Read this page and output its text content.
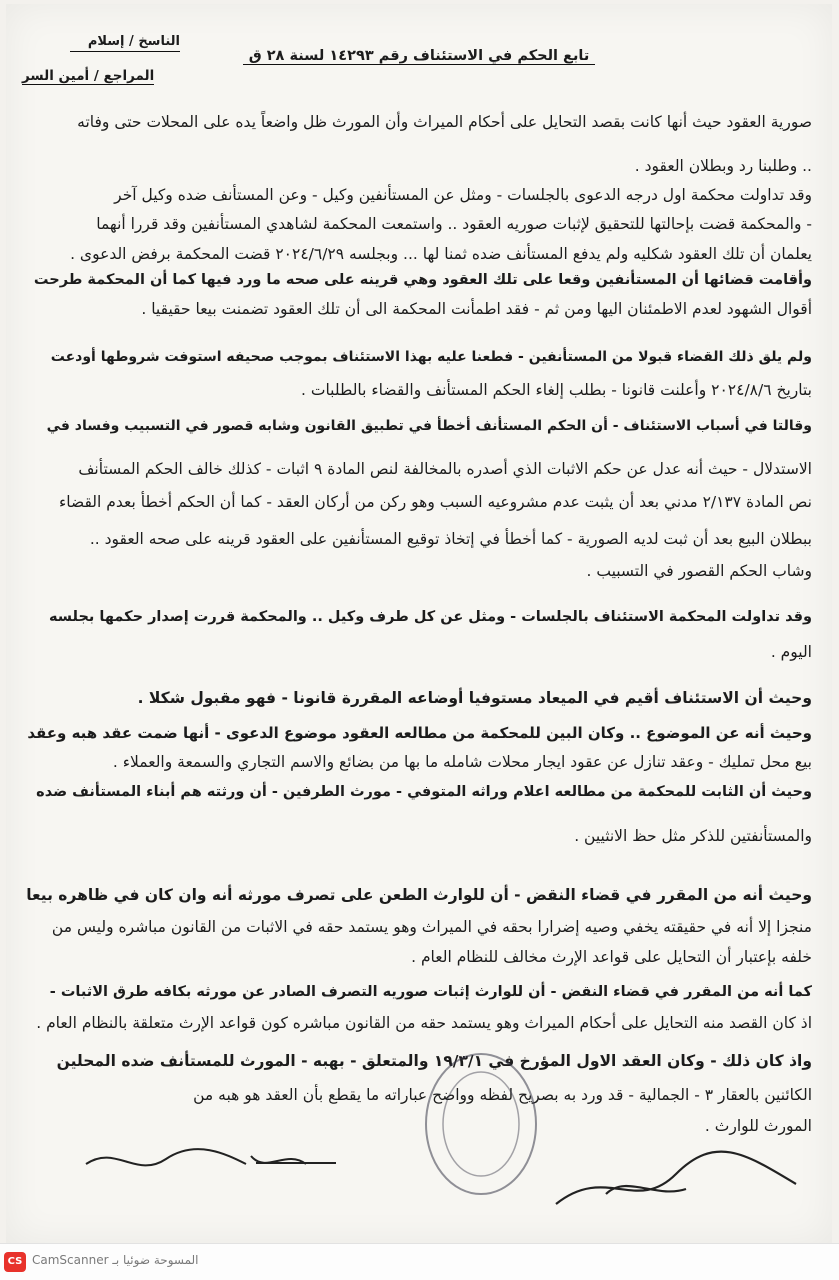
الناسخ / إسلام
تابع الحكم في الاستئناف رقم ١٤٢٩٣ لسنة ٢٨ ق
المراجع / أمين السر
صورية العقود حيث أنها كانت بقصد التحايل على أحكام الميراث وأن المورث ظل واضعاً يده على المحلات حتى وفاته
.. وطلبنا رد وبطلان العقود .
وقد تداولت محكمة اول درجه الدعوى بالجلسات - ومثل عن المستأنفين وكيل - وعن المستأنف ضده وكيل آخر
- والمحكمة قضت بإحالتها للتحقيق لإثبات صوريه العقود .. واستمعت المحكمة لشاهدي المستأنفين وقد قررا أنهما
يعلمان أن تلك العقود شكليه ولم يدفع المستأنف ضده ثمنا لها ... وبجلسه ٢٠٢٤/٦/٢٩ قضت المحكمة برفض الدعوى .
وأقامت قضائها أن المستأنفين وقعا على تلك العقود وهي قرينه على صحه ما ورد فيها كما أن المحكمة طرحت
أقوال الشهود لعدم الاطمئنان اليها ومن ثم - فقد اطمأنت المحكمة الى أن تلك العقود تضمنت بيعا حقيقيا .
ولم يلق ذلك القضاء قبولا من المستأنفين - فطعنا عليه بهذا الاستئناف بموجب صحيفه استوفت شروطها أودعت
بتاريخ ٢٠٢٤/٨/٦ وأعلنت قانونا - بطلب إلغاء الحكم المستأنف والقضاء بالطلبات .
وقالتا في أسباب الاستئناف - أن الحكم المستأنف أخطأ في تطبيق القانون وشابه قصور في التسبيب وفساد في
الاستدلال - حيث أنه عدل عن حكم الاثبات الذي أصدره بالمخالفة لنص المادة ٩ اثبات - كذلك خالف الحكم المستأنف
نص المادة ٢/١٣٧ مدني بعد أن يثبت عدم مشروعيه السبب وهو ركن من أركان العقد - كما أن الحكم أخطأ بعدم القضاء
ببطلان البيع بعد أن ثبت لديه الصورية - كما أخطأ في إتخاذ توقيع المستأنفين على العقود قرينه على صحه العقود ..
وشاب الحكم القصور في التسبيب .
وقد تداولت المحكمة الاستئناف بالجلسات - ومثل عن كل طرف وكيل .. والمحكمة قررت إصدار حكمها بجلسه
اليوم .
وحيث أن الاستئناف أقيم في الميعاد مستوفيا أوضاعه المقررة قانونا - فهو مقبول شكلا .
وحيث أنه عن الموضوع .. وكان البين للمحكمة من مطالعه العقود موضوع الدعوى - أنها ضمت عقد هبه وعقد
بيع محل تمليك - وعقد تنازل عن عقود ايجار محلات شامله ما بها من بضائع والاسم التجاري والسمعة والعملاء .
وحيث أن الثابت للمحكمة من مطالعه اعلام وراثه المتوفي - مورث الطرفين - أن ورثته هم أبناء المستأنف ضده
والمستأنفتين للذكر مثل حظ الانثيين .
وحيث أنه من المقرر في قضاء النقض - أن للوارث الطعن على تصرف مورثه أنه وان كان في ظاهره بيعا
منجزا إلا أنه في حقيقته يخفي وصيه إضرارا بحقه في الميراث وهو يستمد حقه في الاثبات من القانون مباشره وليس من
خلفه بإعتبار أن التحايل على قواعد الإرث مخالف للنظام العام .
كما أنه من المقرر في قضاء النقض - أن للوارث إثبات صوريه التصرف الصادر عن مورثه بكافه طرق الاثبات -
اذ كان القصد منه التحايل على أحكام الميراث وهو يستمد حقه من القانون مباشره كون قواعد الإرث متعلقة بالنظام العام .
واذ كان ذلك - وكان العقد الاول المؤرخ في ١٩/٣/١ والمتعلق - بهبه - المورث للمستأنف ضده المحلين
الكائنين بالعقار ٣ - الجمالية - قد ورد به بصريح لفظه وواضح عباراته ما يقطع بأن العقد هو هبه من
المورث للوارث .
CS المسوحة ضوئيا بـ CamScanner
